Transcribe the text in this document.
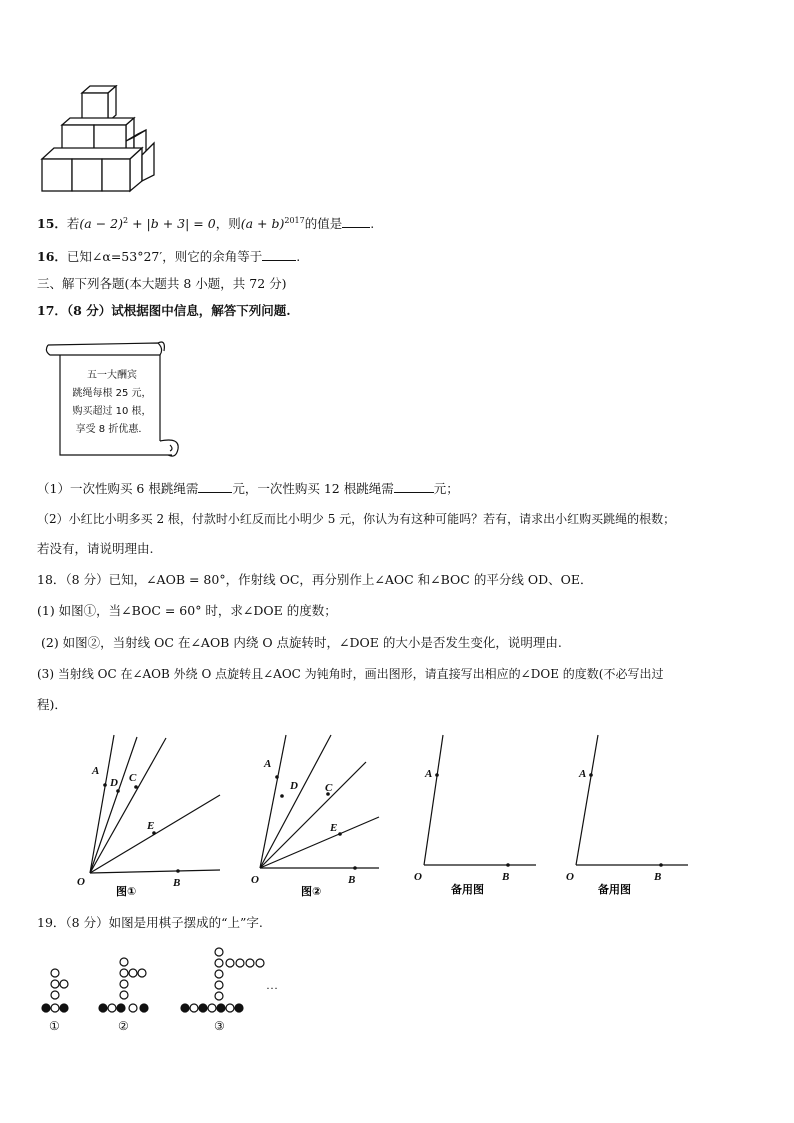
15．若$(a - 2)^2 + |b + 3| = 0$，则$(a + b)^{2017}$的值是 .
16．已知∠α=53°27′，则它的余角等于	.
三、解下列各题(本大题共 8 小题，共 72 分)
17．（8 分）试根据图中信息，解答下列问题.
五一大酬宾
跳绳每根 25 元，
购买超过 10 根，
享受 8 折优惠．
（1）一次性购买 6 根跳绳需	元，一次性购买 12 根跳绳需	元；
（2）小红比小明多买 2 根，付款时小红反而比小明少 5 元，你认为有这种可能吗？若有，请求出小红购买跳绳的根数；
若没有，请说明理由.
18．（8 分）已知，∠AOB = 80°，作射线 OC，再分别作上∠AOC 和∠BOC 的平分线 OD、OE．
(1) 如图①，当∠BOC = 60° 时，求∠DOE 的度数；
(2) 如图②，当射线 OC 在∠AOB 内绕 O 点旋转时，∠DOE 的大小是否发生变化，说明理由.
(3) 当射线 OC 在∠AOB 外绕 O 点旋转且∠AOC 为钝角时，画出图形，请直接写出相应的∠DOE 的度数(不必写出过
程)．
A
D C
E
O	B
图①
A
D C
E
O	B
图②
A
O	B
备用图
A
O	B
备用图
19．（8 分）如图是用棋子摆成的“上”字.
…
①	②	③
